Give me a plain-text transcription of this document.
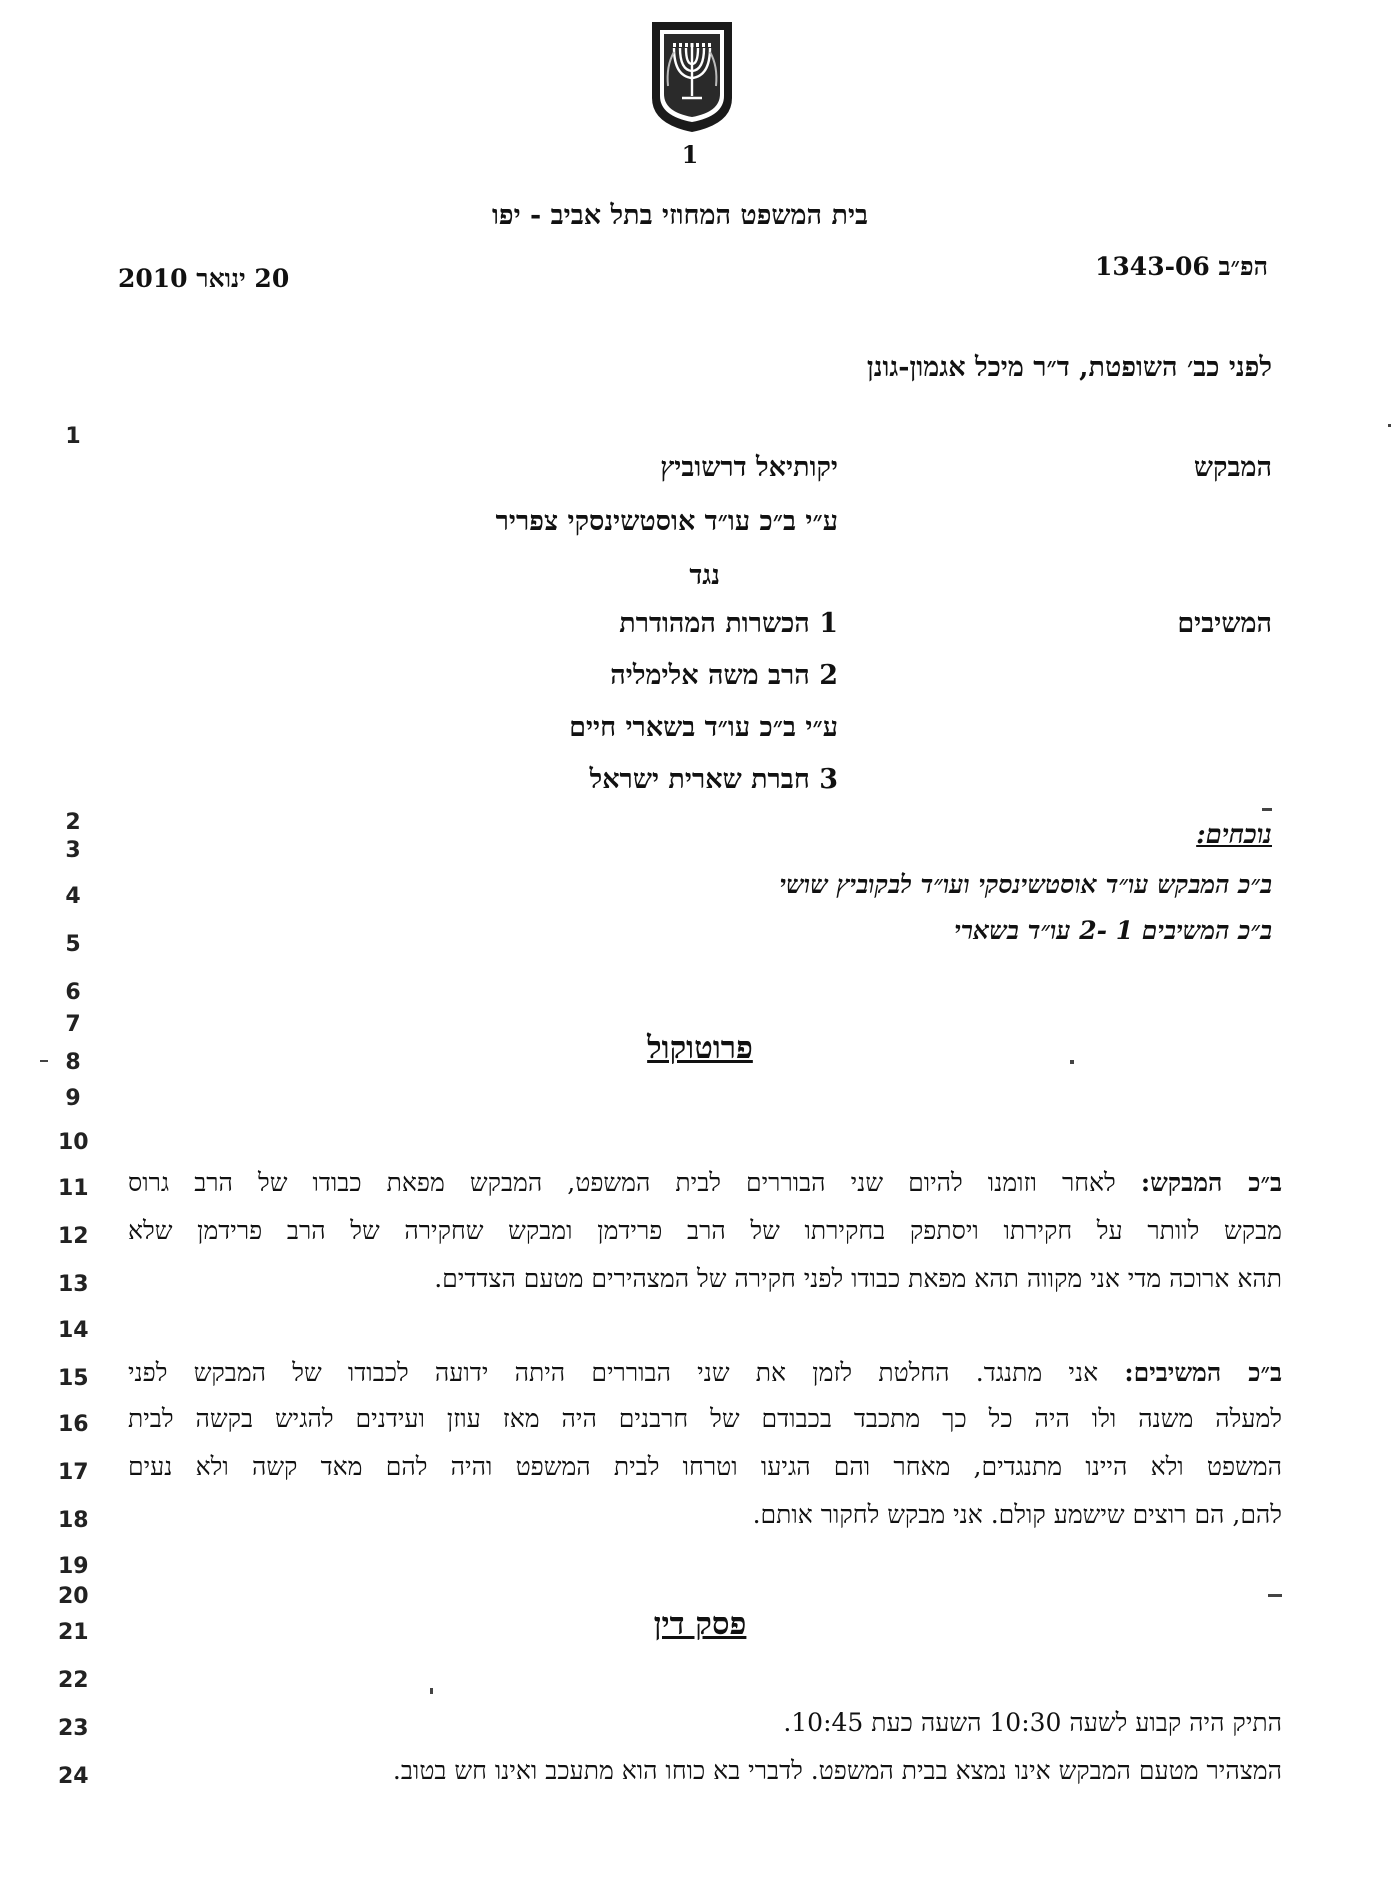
1
בית המשפט המחוזי בתל אביב - יפו
הפ״ב 1343-06
20 ינואר 2010
לפני כב׳ השופטת, ד״ר מיכל אגמון-גונן
המבקש
יקותיאל דרשוביץ
ע״י ב״כ עו״ד אוסטשינסקי צפריר
נגד
המשיבים
1 הכשרות המהודרת
2 הרב משה אלימליה
ע״י ב״כ עו״ד בשארי חיים
3 חברת שארית ישראל
נוכחים:
ב״כ המבקש עו״ד אוסטשינסקי ועו״ד לבקוביץ שושי
ב״כ המשיבים 1 -2 עו״ד בשארי
פרוטוקול
ב״כ המבקש: לאחר וזומנו להיום שני הבוררים לבית המשפט, המבקש מפאת כבודו של הרב גרוס
מבקש לוותר על חקירתו ויסתפק בחקירתו של הרב פרידמן ומבקש שחקירה של הרב פרידמן שלא
תהא ארוכה מדי אני מקווה תהא מפאת כבודו לפני חקירה של המצהירים מטעם הצדדים.
ב״כ המשיבים: אני מתנגד. החלטת לזמן את שני הבוררים היתה ידועה לכבודו של המבקש לפני
למעלה משנה ולו היה כל כך מתכבד בכבודם של חרבנים היה מאז עוזן ועידנים להגיש בקשה לבית
המשפט ולא היינו מתנגדים, מאחר והם הגיעו וטרחו לבית המשפט והיה להם מאד קשה ולא נעים
להם, הם רוצים שישמע קולם. אני מבקש לחקור אותם.
פסק דין
התיק היה קבוע לשעה 10:30 השעה כעת 10:45.
המצהיר מטעם המבקש אינו נמצא בבית המשפט. לדברי בא כוחו הוא מתעכב ואינו חש בטוב.
1
2
3
4
5
6
7
8
9
10
11
12
13
14
15
16
17
18
19
20
21
22
23
24
